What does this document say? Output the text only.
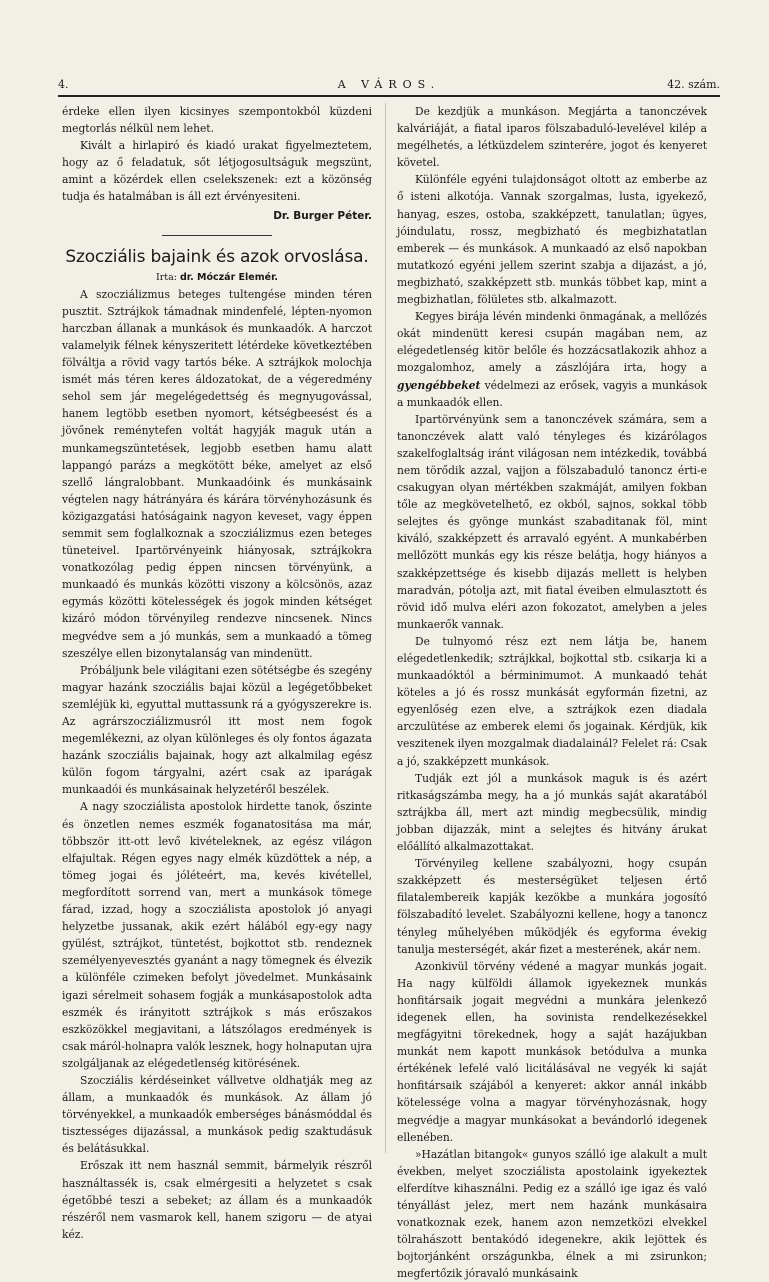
4.	A VÁROS.	42. szám.

érdeke ellen ilyen kicsinyes szempontokból küzdeni megtorlás nélkül nem lehet.

Kivált a hirlapiró és kiadó urakat figyelmeztetem, hogy az ő feladatuk, sőt létjogosultságuk megszünt, amint a közérdek ellen cselekszenek: ezt a közönség tudja és hatalmában is áll ezt érvényesiteni.

Dr. Burger Péter.
Szocziális bajaink és azok orvoslása.
Irta: dr. Móczár Elemér.

A szocziálizmus beteges tultengése minden téren pusztit. Sztrájkok támadnak mindenfelé, lépten-nyomon harczban állanak a munkások és munkaadók. A harczot valamelyik félnek kényszeritett létérdeke következtében fölváltja a rövid vagy tartós béke. A sztrájkok molochja ismét más téren keres áldozatokat, de a végeredmény sehol sem jár megelégedettség és megnyugovással, hanem legtöbb esetben nyomort, kétségbeesést és a jövőnek reménytefen voltát hagyják maguk után a munkamegszüntetések, legjobb esetben hamu alatt lappangó parázs a megkötött béke, amelyet az első szellő lángralobbant. Munkaadóink és munkásaink végtelen nagy hátrányára és kárára törvényhozásunk és közigazgatási hatóságaink nagyon keveset, vagy éppen semmit sem foglalkoznak a szocziálizmus ezen beteges tüneteivel. Ipartörvényeink hiányosak, sztrájkokra vonatkozólag pedig éppen nincsen törvényünk, a munkaadó és munkás közötti viszony a kölcsönös, azaz egymás közötti kötelességek és jogok minden kétséget kizáró módon törvényileg rendezve nincsenek. Nincs megvédve sem a jó munkás, sem a munkaadó a tömeg szeszélye ellen bizonytalanság van mindenütt.

Próbáljunk bele világitani ezen sötétségbe és szegény magyar hazánk szocziális bajai közül a legégetőbbeket szemléjük ki, egyuttal muttassunk rá a gyógyszerekre is. Az agrárszocziálizmusról itt most nem fogok megemlékezni, az olyan különleges és oly fontos ágazata hazánk szocziális bajainak, hogy azt alkalmilag egész külön fogom tárgyalni, azért csak az iparágak munkaadói és munkásainak helyzetéről beszélek.

A nagy szocziálista apostolok hirdette tanok, őszinte és önzetlen nemes eszmék foganatositása ma már, többször itt-ott levő kivételeknek, az egész világon elfajultak. Régen egyes nagy elmék küzdöttek a nép, a tömeg jogai és jóléteért, ma, kevés kivétellel, megfordított sorrend van, mert a munkások tömege fárad, izzad, hogy a szocziálista apostolok jó anyagi helyzetbe jussanak, akik ezért hálából egy-egy nagy gyülést, sztrájkot, tüntetést, bojkottot stb. rendeznek személyenyevesztés gyanánt a nagy tömegnek és élvezik a különféle czimeken befolyt jövedelmet. Munkásaink igazi sérelmeit sohasem fogják a munkásapostolok adta eszmék és irányitott sztrájkok s más erőszakos eszközökkel megjavitani, a látszólagos eredmények is csak máról-holnapra valók lesznek, hogy holnaputan ujra szolgáljanak az elégedetlenség kitörésének.

Szocziális kérdéseinket vállvetve oldhatják meg az állam, a munkaadók és munkások. Az állam jó törvényekkel, a munkaadók emberséges bánásmóddal és tisztességes dijazással, a munkások pedig szaktudásuk és belátásukkal.

Erőszak itt nem használ semmit, bármelyik részről használtassék is, csak elmérgesiti a helyzetet s csak égetőbbé teszi a sebeket; az állam és a munkaadók részéről nem vasmarok kell, hanem szigoru — de atyai kéz.

De kezdjük a munkáson. Megjárta a tanonczévek kalváriáját, a fiatal iparos fölszabaduló-levelével kilép a megélhetés, a létküzdelem szinterére, jogot és kenyeret követel.

Különféle egyéni tulajdonságot oltott az emberbe az ő isteni alkotója. Vannak szorgalmas, lusta, igyekező, hanyag, eszes, ostoba, szakképzett, tanulatlan; ügyes, jóindulatu, rossz, megbizható és megbizhatatlan emberek — és munkások. A munkaadó az első napokban mutatkozó egyéni jellem szerint szabja a dijazást, a jó, megbizható, szakképzett stb. munkás többet kap, mint a megbizhatlan, fölületes stb. alkalmazott.

Kegyes birája lévén mindenki önmagának, a mellőzés okát mindenütt keresi csupán magában nem, az elégedetlenség kitör belőle és hozzácsatlakozik ahhoz a mozgalomhoz, amely a zászlójára irta, hogy a gyengébbeket védelmezi az erősek, vagyis a munkások a munkaadók ellen.

Ipartörvényünk sem a tanonczévek számára, sem a tanonczévek alatt való tényleges és kizárólagos szakelfoglaltság iránt világosan nem intézkedik, továbbá nem törődik azzal, vajjon a fölszabaduló tanoncz érti-e csakugyan olyan mértékben szakmáját, amilyen fokban tőle az megkövetelhető, ez okból, sajnos, sokkal több selejtes és gyönge munkást szabaditanak föl, mint kiváló, szakképzett és arravaló egyént. A munkabérben mellőzött munkás egy kis része belátja, hogy hiányos a szakképzettsége és kisebb dijazás mellett is helyben maradván, pótolja azt, mit fiatal éveiben elmulasztott és rövid idő mulva eléri azon fokozatot, amelyben a jeles munkaerők vannak.

De tulnyomó rész ezt nem látja be, hanem elégedetlenkedik; sztrájkkal, bojkottal stb. csikarja ki a munkaadóktól a bérminimumot. A munkaadó tehát köteles a jó és rossz munkását egyformán fizetni, az egyenlőség ezen elve, a sztrájkok ezen diadala arczulütése az emberek elemi ős jogainak. Kérdjük, kik veszitenek ilyen mozgalmak diadalainál? Felelet rá: Csak a jó, szakképzett munkások.

Tudják ezt jól a munkások maguk is és azért ritkaságszámba megy, ha a jó munkás saját akaratából sztrájkba áll, mert azt mindig megbecsülik, mindig jobban dijazzák, mint a selejtes és hitvány árukat előállító alkalmazottakat.

Törvényileg kellene szabályozni, hogy csupán szakképzett és mesterségüket teljesen értő filatalembereik kapják kezökbe a munkára jogosító fölszabadító levelet. Szabályozni kellene, hogy a tanoncz tényleg műhelyében működjék és egyforma évekig tanulja mesterségét, akár fizet a mesterének, akár nem.

Azonkivül törvény védené a magyar munkás jogait. Ha nagy külföldi államok igyekeznek munkás honfitársaik jogait megvédni a munkára jelenkező idegenek ellen, ha sovinista rendelkezésekkel megfágyitni törekednek, hogy a saját hazájukban munkát nem kapott munkások betódulva a munka értékének lefelé való licitálásával ne vegyék ki saját honfitársaik szájából a kenyeret: akkor annál inkább kötelessége volna a magyar törvényhozásnak, hogy megvédje a magyar munkásokat a bevándorló idegenek ellenében.

»Hazátlan bitangok« gunyos szálló ige alakult a mult években, melyet szocziálista apostolaink igyekeztek elferdítve kihasználni. Pedig ez a szálló ige igaz és való tényállást jelez, mert nem hazánk munkásaira vonatkoznak ezek, hanem azon nemzetközi elvekkel tölrahászott bentakódó idegenekre, akik lejöttek és bojtorjánként országunkba, élnek a mi zsirunkon; megfertőzik jóravaló munkásaink
